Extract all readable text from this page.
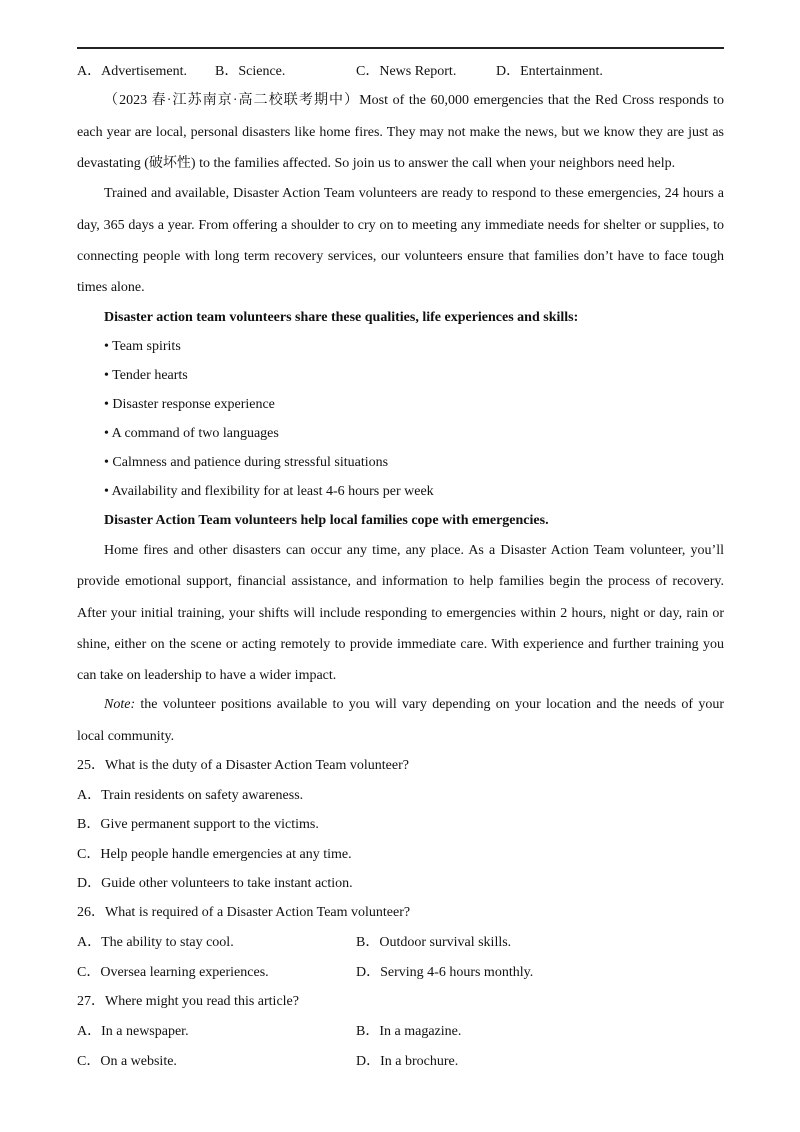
A．Advertisement. B．Science.	C．News Report.	D．Entertainment.
（2023 春·江苏南京·高二校联考期中）Most of the 60,000 emergencies that the Red Cross responds to
each year are local, personal disasters like home fires. They may not make the news, but we know they are just as
devastating (破坏性) to the families affected. So join us to answer the call when your neighbors need help.
Trained and available, Disaster Action Team volunteers are ready to respond to these emergencies, 24 hours a
day, 365 days a year. From offering a shoulder to cry on to meeting any immediate needs for shelter or supplies, to
connecting people with long term recovery services, our volunteers ensure that families don’t have to face tough
times alone.
Disaster action team volunteers share these qualities, life experiences and skills:
• Team spirits
• Tender hearts
• Disaster response experience
• A command of two languages
• Calmness and patience during stressful situations
• Availability and flexibility for at least 4-6 hours per week
Disaster Action Team volunteers help local families cope with emergencies.
Home fires and other disasters can occur any time, any place. As a Disaster Action Team volunteer, you’ll
provide emotional support, financial assistance, and information to help families begin the process of recovery.
After your initial training, your shifts will include responding to emergencies within 2 hours, night or day, rain or
shine, either on the scene or acting remotely to provide immediate care. With experience and further training you
can take on leadership to have a wider impact.
Note: the volunteer positions available to you will vary depending on your location and the needs of your
local community.
25．What is the duty of a Disaster Action Team volunteer?
A．Train residents on safety awareness.
B．Give permanent support to the victims.
C．Help people handle emergencies at any time.
D．Guide other volunteers to take instant action.
26．What is required of a Disaster Action Team volunteer?
A．The ability to stay cool.	B．Outdoor survival skills.
C．Oversea learning experiences.	D．Serving 4-6 hours monthly.
27．Where might you read this article?
A．In a newspaper.	B．In a magazine.
C．On a website.	D．In a brochure.
